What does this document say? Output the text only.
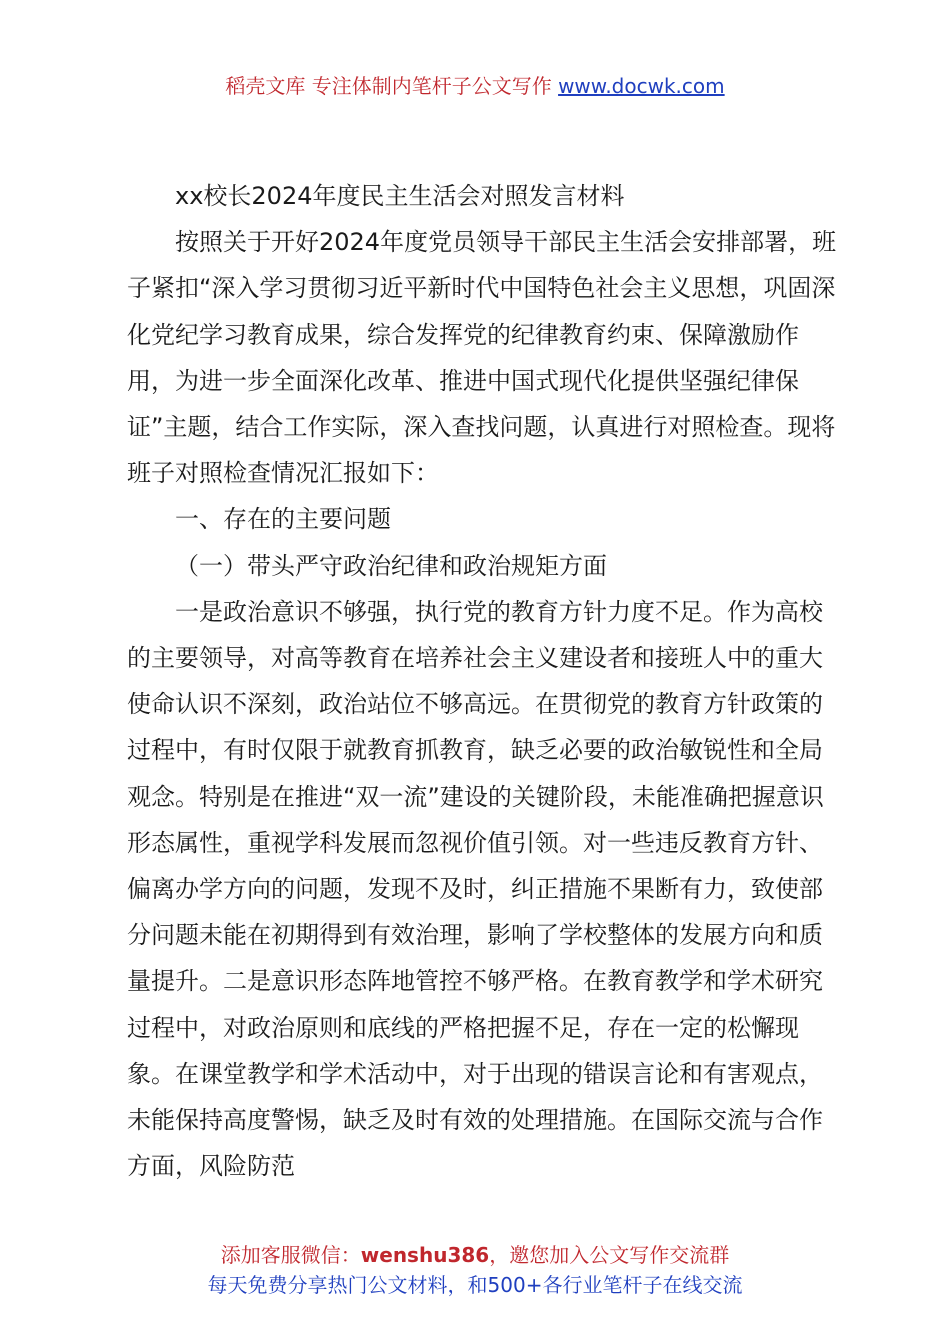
稻壳文库 专注体制内笔杆子公文写作 www.docwk.com

xx校长2024年度民主生活会对照发言材料

按照关于开好2024年度党员领导干部民主生活会安排部署，班子紧扣“深入学习贯彻习近平新时代中国特色社会主义思想，巩固深化党纪学习教育成果，综合发挥党的纪律教育约束、保障激励作用，为进一步全面深化改革、推进中国式现代化提供坚强纪律保证”主题，结合工作实际，深入查找问题，认真进行对照检查。现将班子对照检查情况汇报如下：

一、存在的主要问题

（一）带头严守政治纪律和政治规矩方面

一是政治意识不够强，执行党的教育方针力度不足。作为高校的主要领导，对高等教育在培养社会主义建设者和接班人中的重大使命认识不深刻，政治站位不够高远。在贯彻党的教育方针政策的过程中，有时仅限于就教育抓教育，缺乏必要的政治敏锐性和全局观念。特别是在推进“双一流”建设的关键阶段，未能准确把握意识形态属性，重视学科发展而忽视价值引领。对一些违反教育方针、偏离办学方向的问题，发现不及时，纠正措施不果断有力，致使部分问题未能在初期得到有效治理，影响了学校整体的发展方向和质量提升。二是意识形态阵地管控不够严格。在教育教学和学术研究过程中，对政治原则和底线的严格把握不足，存在一定的松懈现象。在课堂教学和学术活动中，对于出现的错误言论和有害观点，未能保持高度警惕，缺乏及时有效的处理措施。在国际交流与合作方面，风险防范

添加客服微信：wenshu386，邀您加入公文写作交流群
每天免费分享热门公文材料，和500+各行业笔杆子在线交流
